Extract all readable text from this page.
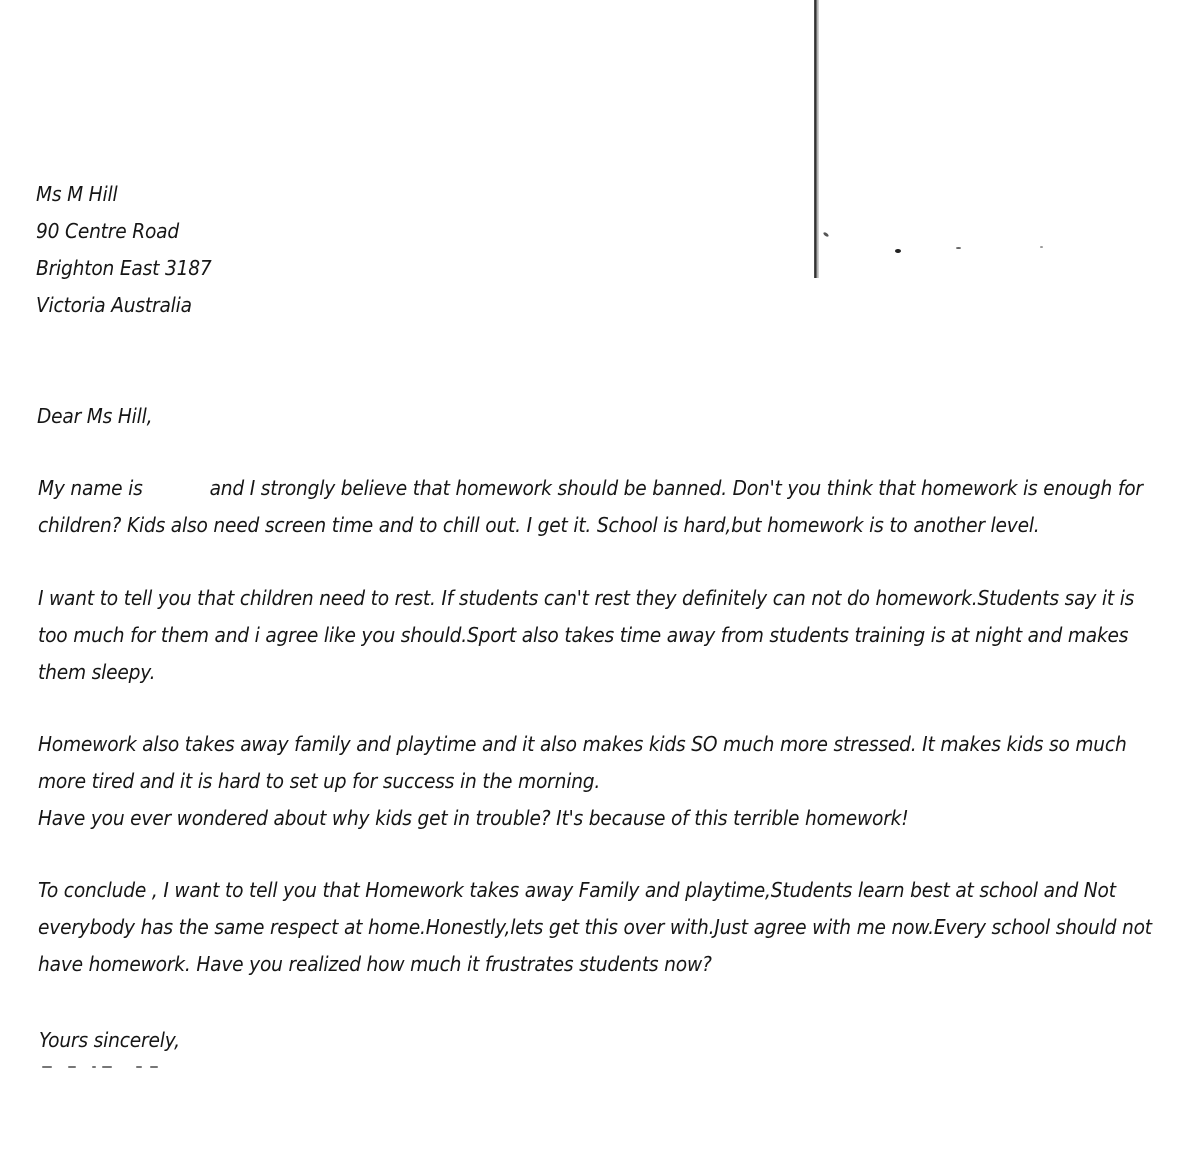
Ms M Hill
90 Centre Road
Brighton East 3187
Victoria Australia
Dear Ms Hill,
My name is	and I strongly believe that homework should be banned. Don't you think that homework is enough for
children? Kids also need screen time and to chill out. I get it. School is hard,but homework is to another level.
I want to tell you that children need to rest. If students can't rest they definitely can not do homework.Students say it is
too much for them and i agree like you should.Sport also takes time away from students training is at night and makes
them sleepy.
Homework also takes away family and playtime and it also makes kids SO much more stressed. It makes kids so much
more tired and it is hard to set up for success in the morning.
Have you ever wondered about why kids get in trouble? It's because of this terrible homework!
To conclude , I want to tell you that Homework takes away Family and playtime,Students learn best at school and Not
everybody has the same respect at home.Honestly,lets get this over with.Just agree with me now.Every school should not
have homework. Have you realized how much it frustrates students now?
Yours sincerely,
